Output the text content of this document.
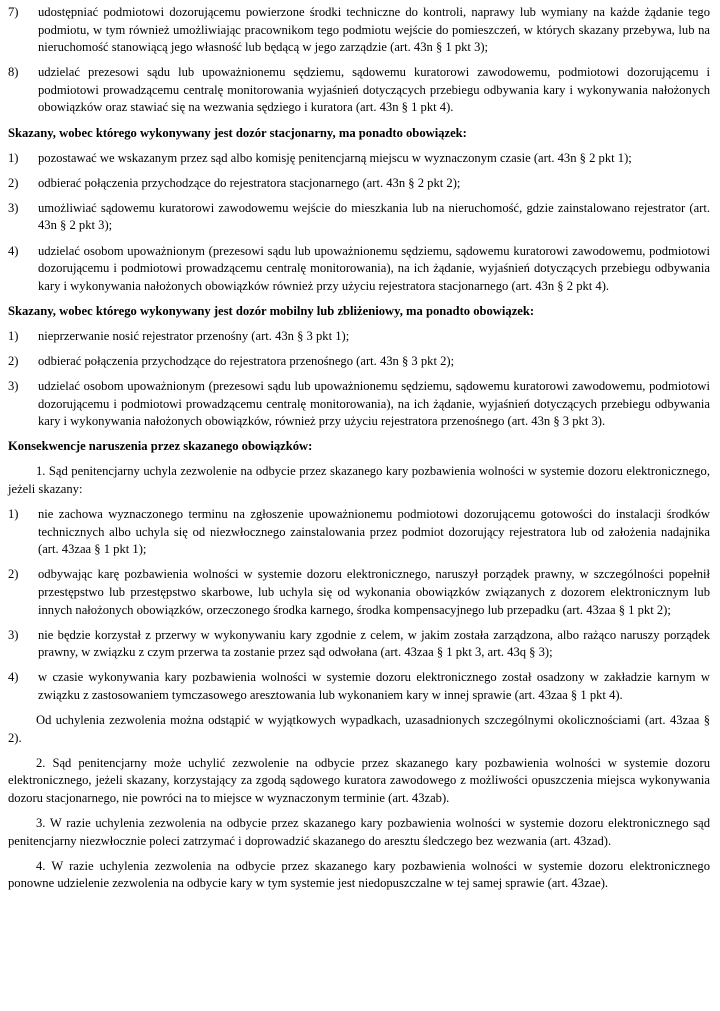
7)	udostępniać podmiotowi dozorującemu powierzone środki techniczne do kontroli, naprawy lub wymiany na każde żądanie tego podmiotu, w tym również umożliwiając pracownikom tego podmiotu wejście do pomieszczeń, w których skazany przebywa, lub na nieruchomość stanowiącą jego własność lub będącą w jego zarządzie (art. 43n § 1 pkt 3);
8)	udzielać prezesowi sądu lub upoważnionemu sędziemu, sądowemu kuratorowi zawodowemu, podmiotowi dozorującemu i podmiotowi prowadzącemu centralę monitorowania wyjaśnień dotyczących przebiegu odbywania kary i wykonywania nałożonych obowiązków oraz stawiać się na wezwania sędziego i kuratora (art. 43n § 1 pkt 4).
Skazany, wobec którego wykonywany jest dozór stacjonarny, ma ponadto obowiązek:
1)	pozostawać we wskazanym przez sąd albo komisję penitencjarną miejscu w wyznaczonym czasie (art. 43n § 2 pkt 1);
2)	odbierać połączenia przychodzące do rejestratora stacjonarnego (art. 43n § 2 pkt 2);
3)	umożliwiać sądowemu kuratorowi zawodowemu wejście do mieszkania lub na nieruchomość, gdzie zainstalowano rejestrator (art. 43n § 2 pkt 3);
4)	udzielać osobom upoważnionym (prezesowi sądu lub upoważnionemu sędziemu, sądowemu kuratorowi zawodowemu, podmiotowi dozorującemu i podmiotowi prowadzącemu centralę monitorowania), na ich żądanie, wyjaśnień dotyczących przebiegu odbywania kary i wykonywania nałożonych obowiązków również przy użyciu rejestratora stacjonarnego (art. 43n § 2 pkt 4).
Skazany, wobec którego wykonywany jest dozór mobilny lub zbliżeniowy, ma ponadto obowiązek:
1)	nieprzerwanie nosić rejestrator przenośny (art. 43n § 3 pkt 1);
2)	odbierać połączenia przychodzące do rejestratora przenośnego (art. 43n § 3 pkt 2);
3)	udzielać osobom upoważnionym (prezesowi sądu lub upoważnionemu sędziemu, sądowemu kuratorowi zawodowemu, podmiotowi dozorującemu i podmiotowi prowadzącemu centralę monitorowania), na ich żądanie, wyjaśnień dotyczących przebiegu odbywania kary i wykonywania nałożonych obowiązków, również przy użyciu rejestratora przenośnego (art. 43n § 3 pkt 3).
Konsekwencje naruszenia przez skazanego obowiązków:

1. Sąd penitencjarny uchyla zezwolenie na odbycie przez skazanego kary pozbawienia wolności w systemie dozoru elektronicznego, jeżeli skazany:

1)	nie zachowa wyznaczonego terminu na zgłoszenie upoważnionemu podmiotowi dozorującemu gotowości do instalacji środków technicznych albo uchyla się od niezwłocznego zainstalowania przez podmiot dozorujący rejestratora lub od założenia nadajnika (art. 43zaa § 1 pkt 1);
2)	odbywając karę pozbawienia wolności w systemie dozoru elektronicznego, naruszył porządek prawny, w szczególności popełnił przestępstwo lub przestępstwo skarbowe, lub uchyla się od wykonania obowiązków związanych z dozorem elektronicznym lub innych nałożonych obowiązków, orzeczonego środka karnego, środka kompensacyjnego lub przepadku (art. 43zaa § 1 pkt 2);
3)	nie będzie korzystał z przerwy w wykonywaniu kary zgodnie z celem, w jakim została zarządzona, albo rażąco naruszy porządek prawny, w związku z czym przerwa ta zostanie przez sąd odwołana (art. 43zaa § 1 pkt 3, art. 43q § 3);
4)	w czasie wykonywania kary pozbawienia wolności w systemie dozoru elektronicznego został osadzony w zakładzie karnym w związku z zastosowaniem tymczasowego aresztowania lub wykonaniem kary w innej sprawie (art. 43zaa § 1 pkt 4).

Od uchylenia zezwolenia można odstąpić w wyjątkowych wypadkach, uzasadnionych szczególnymi okolicznościami (art. 43zaa § 2).

2. Sąd penitencjarny może uchylić zezwolenie na odbycie przez skazanego kary pozbawienia wolności w systemie dozoru elektronicznego, jeżeli skazany, korzystający za zgodą sądowego kuratora zawodowego z możliwości opuszczenia miejsca wykonywania dozoru stacjonarnego, nie powróci na to miejsce w wyznaczonym terminie (art. 43zab).

3. W razie uchylenia zezwolenia na odbycie przez skazanego kary pozbawienia wolności w systemie dozoru elektronicznego sąd penitencjarny niezwłocznie poleci zatrzymać i doprowadzić skazanego do aresztu śledczego bez wezwania (art. 43zad).

4. W razie uchylenia zezwolenia na odbycie przez skazanego kary pozbawienia wolności w systemie dozoru elektronicznego ponowne udzielenie zezwolenia na odbycie kary w tym systemie jest niedopuszczalne w tej samej sprawie (art. 43zae).
